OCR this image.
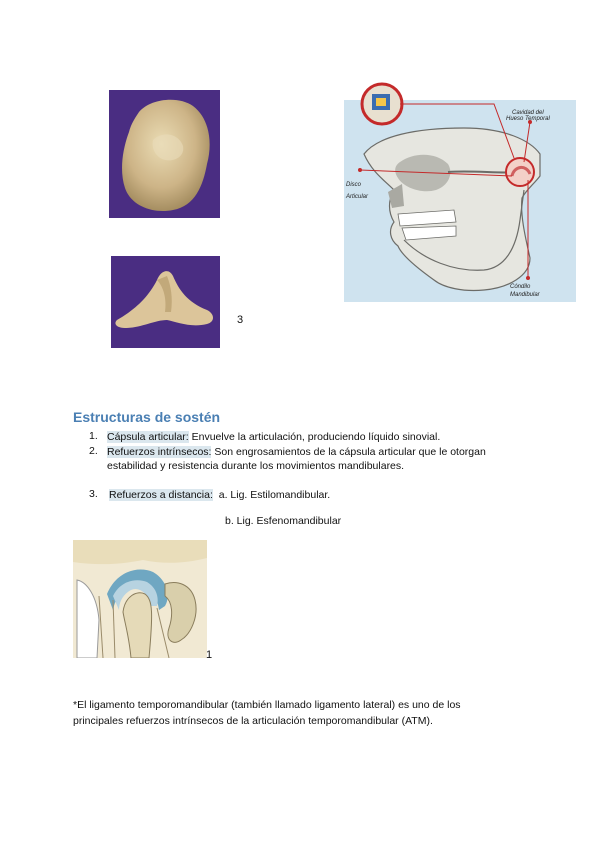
3
Cavidad del
Hueso Temporal
Disco
Articular
Cóndilo
Mandibular
Estructuras de sostén
1. Cápsula articular: Envuelve la articulación, produciendo líquido sinovial.
2. Refuerzos intrínsecos: Son engrosamientos de la cápsula articular que le otorgan
estabilidad y resistencia durante los movimientos mandibulares.
3. Refuerzos a distancia:  a. Lig. Estilomandibular.
b. Lig. Esfenomandibular
1
*El ligamento temporomandibular (también llamado ligamento lateral) es uno de los
principales refuerzos intrínsecos de la articulación temporomandibular (ATM).
